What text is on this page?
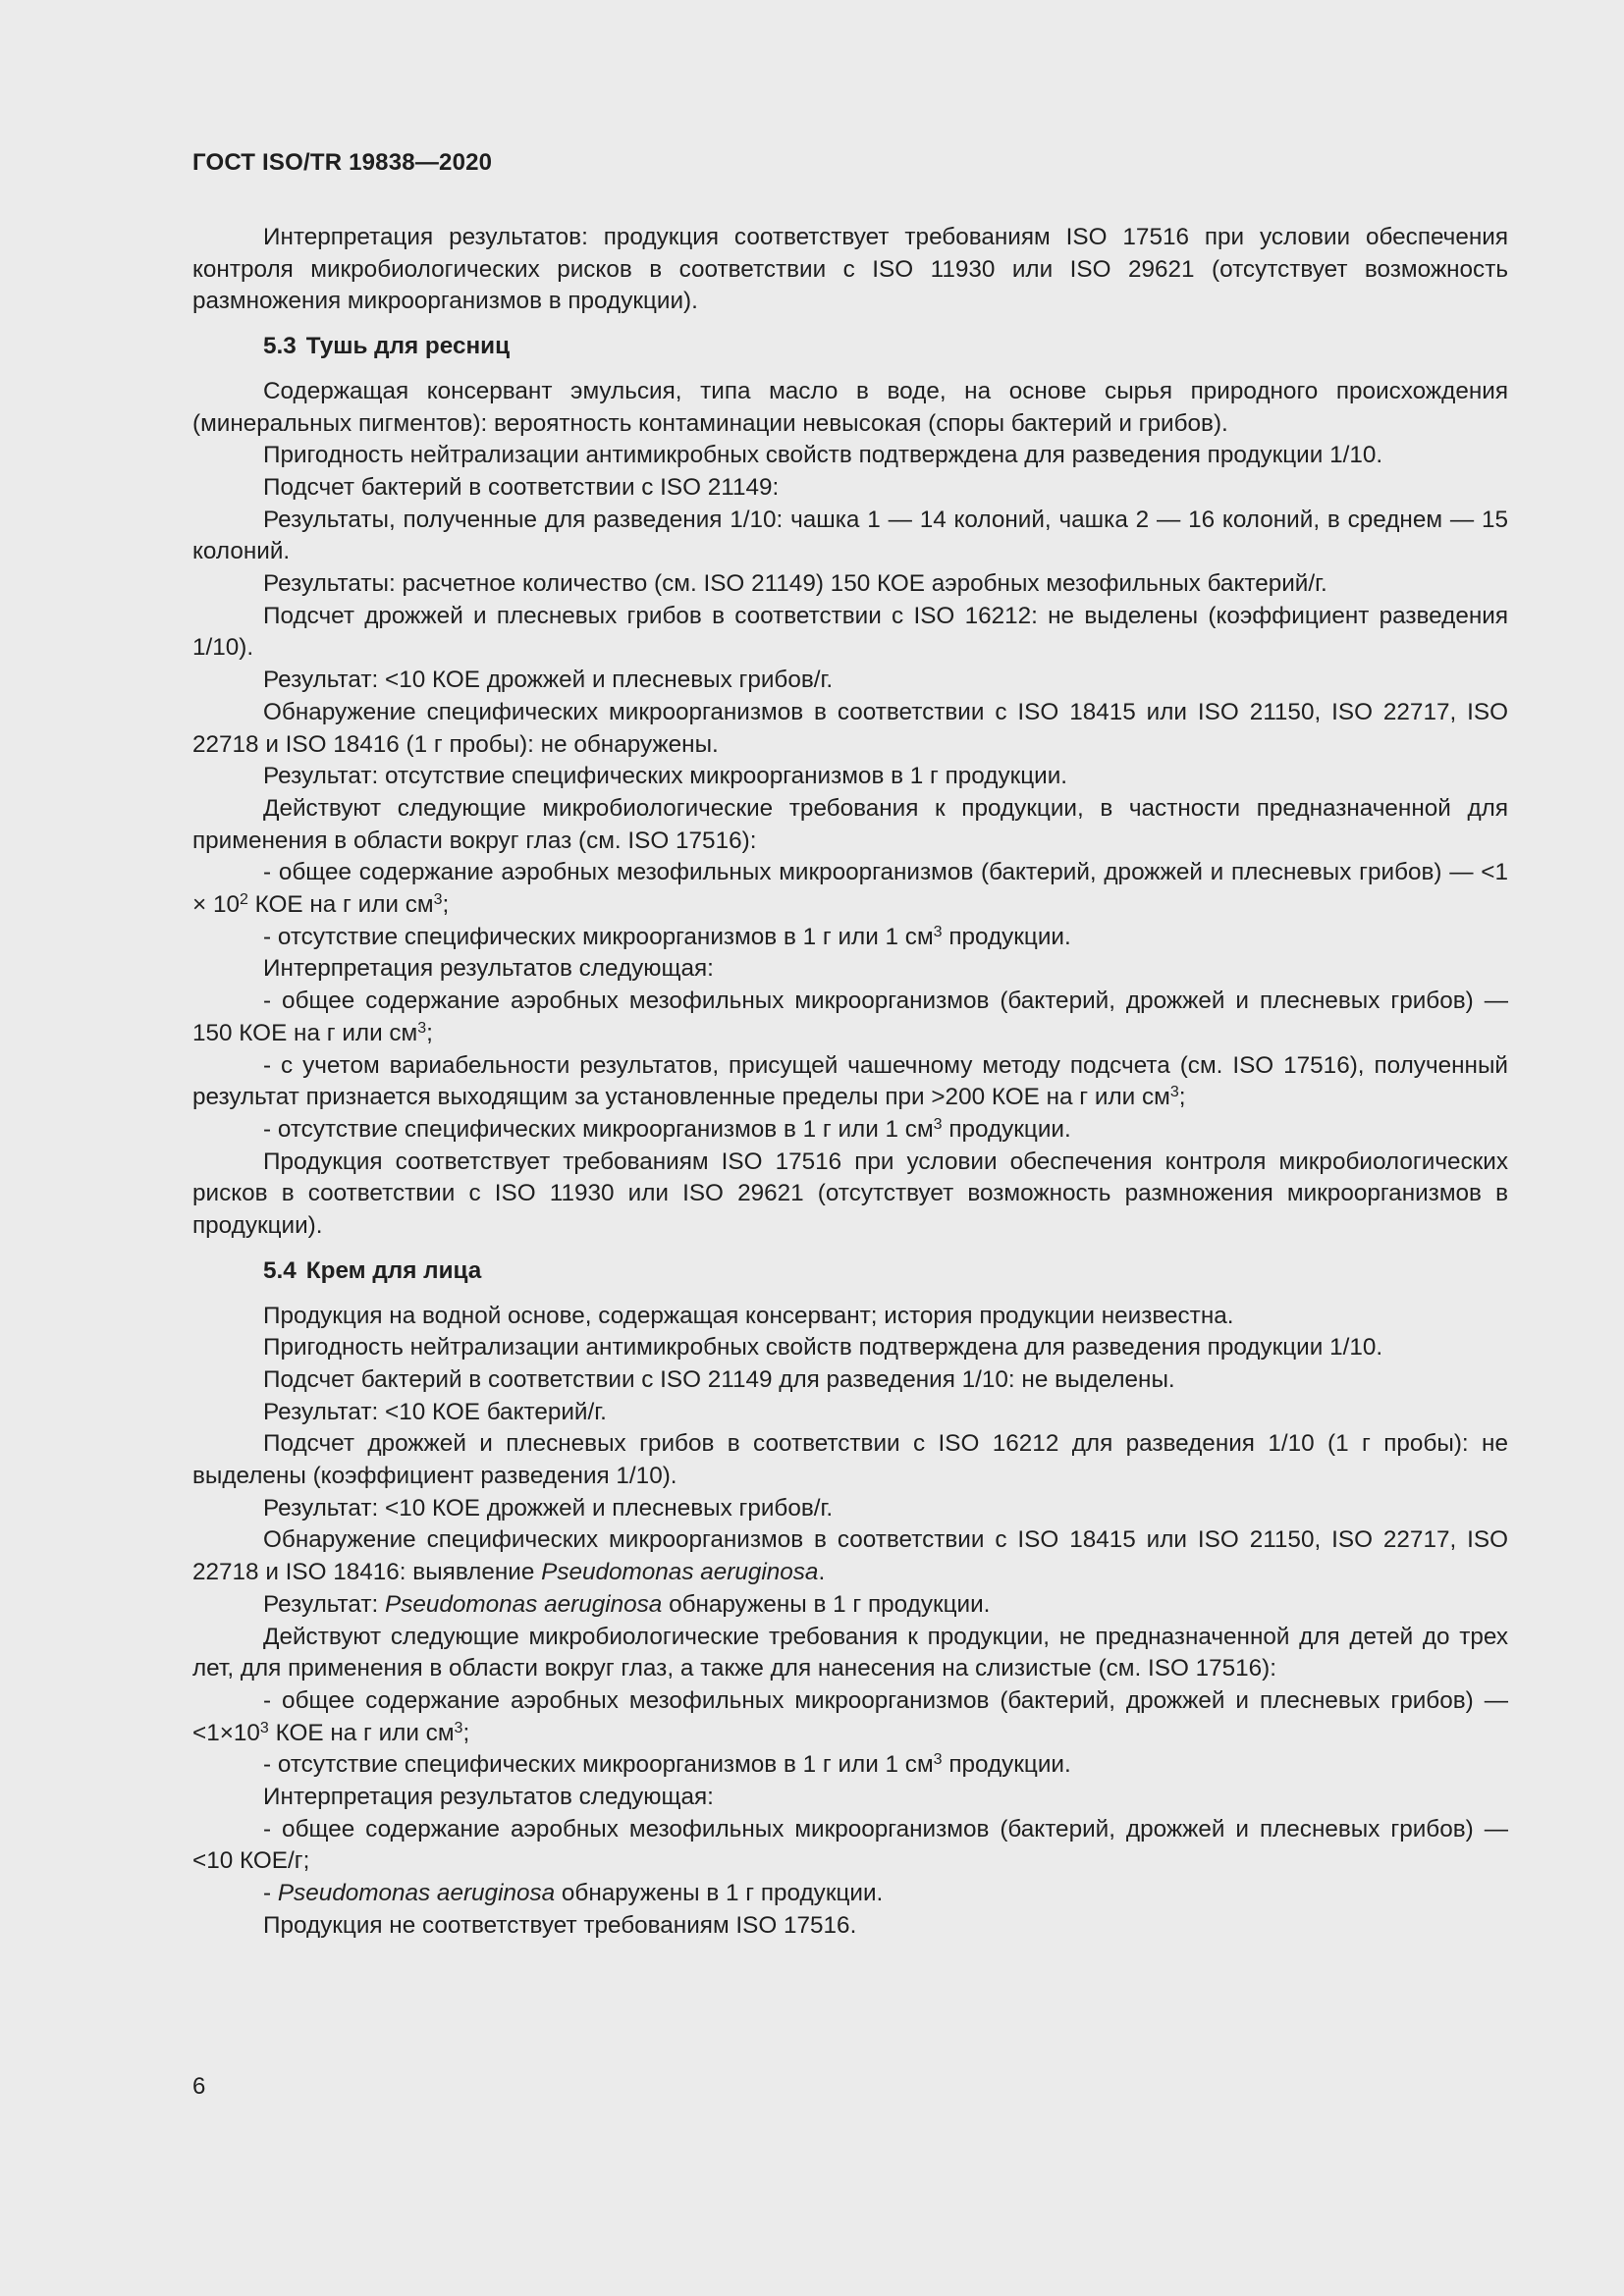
ГОСТ ISO/TR 19838—2020

Интерпретация результатов: продукция соответствует требованиям ISO 17516 при условии обеспечения контроля микробиологических рисков в соответствии с ISO 11930 или ISO 29621 (отсутствует возможность размножения микроорганизмов в продукции).

5.3 Тушь для ресниц

Содержащая консервант эмульсия, типа масло в воде, на основе сырья природного происхождения (минеральных пигментов): вероятность контаминации невысокая (споры бактерий и грибов).

Пригодность нейтрализации антимикробных свойств подтверждена для разведения продукции 1/10.

Подсчет бактерий в соответствии с ISO 21149:

Результаты, полученные для разведения 1/10: чашка 1 — 14 колоний, чашка 2 — 16 колоний, в среднем — 15 колоний.

Результаты: расчетное количество (см. ISO 21149) 150 КОЕ аэробных мезофильных бактерий/г.

Подсчет дрожжей и плесневых грибов в соответствии с ISO 16212: не выделены (коэффициент разведения 1/10).

Результат: <10 КОЕ дрожжей и плесневых грибов/г.

Обнаружение специфических микроорганизмов в соответствии с ISO 18415 или ISO 21150, ISO 22717, ISO 22718 и ISO 18416 (1 г пробы): не обнаружены.

Результат: отсутствие специфических микроорганизмов в 1 г продукции.

Действуют следующие микробиологические требования к продукции, в частности предназначенной для применения в области вокруг глаз (см. ISO 17516):

- общее содержание аэробных мезофильных микроорганизмов (бактерий, дрожжей и плесневых грибов) — $<1 \times 10^2$ КОЕ на г или $см^3$;

- отсутствие специфических микроорганизмов в 1 г или 1 $см^3$ продукции.

Интерпретация результатов следующая:

- общее содержание аэробных мезофильных микроорганизмов (бактерий, дрожжей и плесневых грибов) — 150 КОЕ на г или $см^3$;

- с учетом вариабельности результатов, присущей чашечному методу подсчета (см. ISO 17516), полученный результат признается выходящим за установленные пределы при >200 КОЕ на г или $см^3$;

- отсутствие специфических микроорганизмов в 1 г или 1 $см^3$ продукции.

Продукция соответствует требованиям ISO 17516 при условии обеспечения контроля микробиологических рисков в соответствии с ISO 11930 или ISO 29621 (отсутствует возможность размножения микроорганизмов в продукции).

5.4 Крем для лица

Продукция на водной основе, содержащая консервант; история продукции неизвестна.

Пригодность нейтрализации антимикробных свойств подтверждена для разведения продукции 1/10.

Подсчет бактерий в соответствии с ISO 21149 для разведения 1/10: не выделены.

Результат: <10 КОЕ бактерий/г.

Подсчет дрожжей и плесневых грибов в соответствии с ISO 16212 для разведения 1/10 (1 г пробы): не выделены (коэффициент разведения 1/10).

Результат: <10 КОЕ дрожжей и плесневых грибов/г.

Обнаружение специфических микроорганизмов в соответствии с ISO 18415 или ISO 21150, ISO 22717, ISO 22718 и ISO 18416: выявление Pseudomonas aeruginosa.

Результат: Pseudomonas aeruginosa обнаружены в 1 г продукции.

Действуют следующие микробиологические требования к продукции, не предназначенной для детей до трех лет, для применения в области вокруг глаз, а также для нанесения на слизистые (см. ISO 17516):

- общее содержание аэробных мезофильных микроорганизмов (бактерий, дрожжей и плесневых грибов) — $<1\times 10^3$ КОЕ на г или $см^3$;

- отсутствие специфических микроорганизмов в 1 г или 1 $см^3$ продукции.

Интерпретация результатов следующая:

- общее содержание аэробных мезофильных микроорганизмов (бактерий, дрожжей и плесневых грибов) — <10 КОЕ/г;

- Pseudomonas aeruginosa обнаружены в 1 г продукции.

Продукция не соответствует требованиям ISO 17516.

6
